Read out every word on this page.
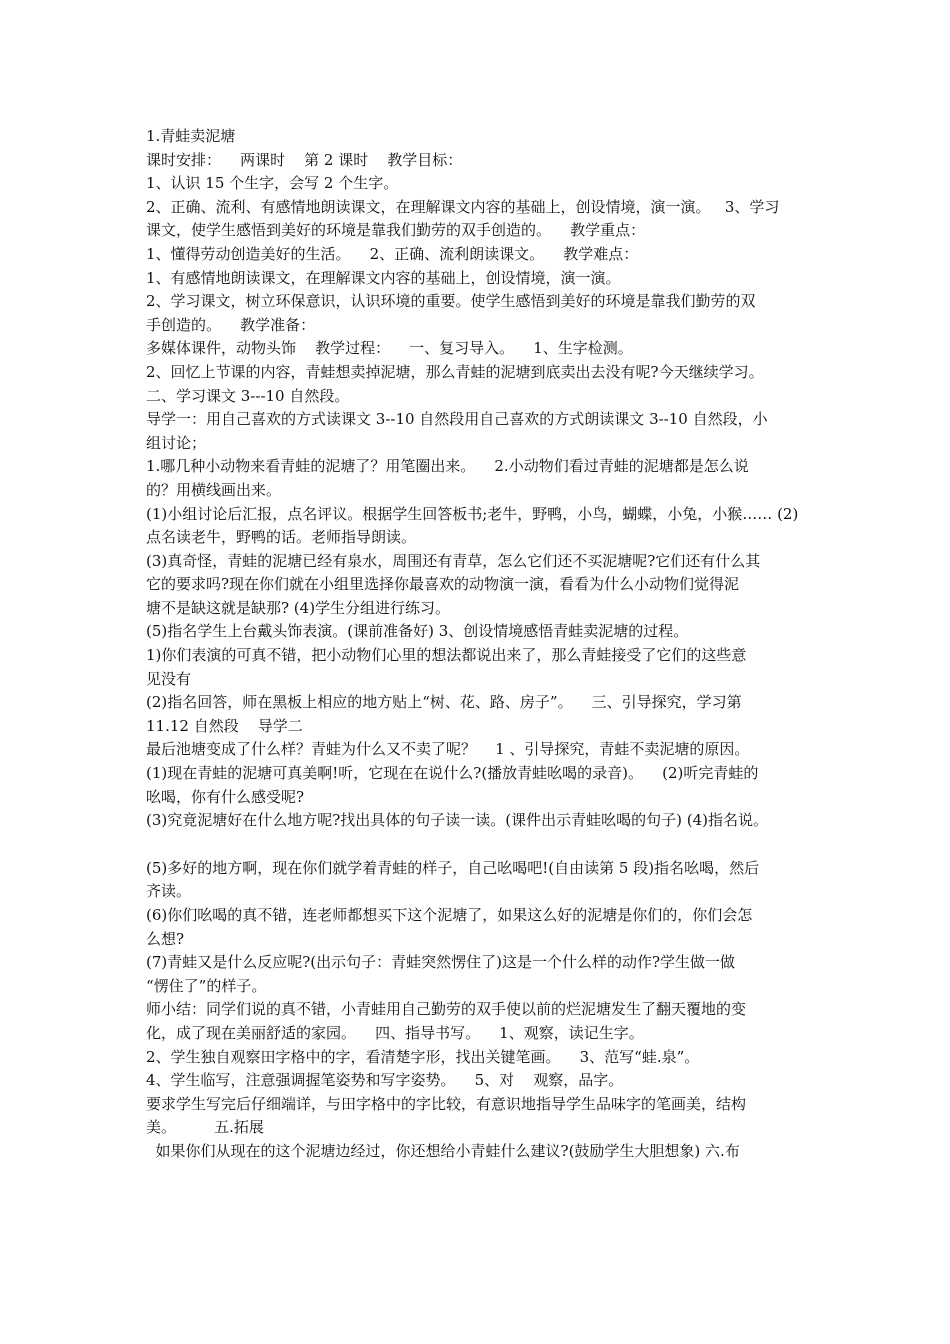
1.青蛙卖泥塘

课时安排：    两课时    第 2 课时    教学目标：

1、认识 15 个生字，会写 2 个生字。

2、正确、流利、有感情地朗读课文，在理解课文内容的基础上，创设情境，演一演。   3、学习

课文，使学生感悟到美好的环境是靠我们勤劳的双手创造的。    教学重点：

1、懂得劳动创造美好的生活。    2、正确、流利朗读课文。    教学难点：

1、有感情地朗读课文，在理解课文内容的基础上，创设情境，演一演。

2、学习课文，树立环保意识，认识环境的重要。使学生感悟到美好的环境是靠我们勤劳的双

手创造的。    教学准备：

多媒体课件，动物头饰    教学过程：    一、复习导入。    1、生字检测。

2、回忆上节课的内容，青蛙想卖掉泥塘，那么青蛙的泥塘到底卖出去没有呢?今天继续学习。

二、学习课文 3---10 自然段。

导学一：用自己喜欢的方式读课文 3--10 自然段用自己喜欢的方式朗读课文 3--10 自然段，小

组讨论；

1.哪几种小动物来看青蛙的泥塘了？用笔圈出来。    2.小动物们看过青蛙的泥塘都是怎么说

的？用横线画出来。

(1)小组讨论后汇报，点名评议。根据学生回答板书;老牛，野鸭，小鸟，蝴蝶，小兔，小猴…… (2)

点名读老牛，野鸭的话。老师指导朗读。

(3)真奇怪，青蛙的泥塘已经有泉水，周围还有青草，怎么它们还不买泥塘呢?它们还有什么其

它的要求吗?现在你们就在小组里选择你最喜欢的动物演一演，看看为什么小动物们觉得泥

塘不是缺这就是缺那? (4)学生分组进行练习。

(5)指名学生上台戴头饰表演。(课前准备好) 3、创设情境感悟青蛙卖泥塘的过程。

1)你们表演的可真不错，把小动物们心里的想法都说出来了，那么青蛙接受了它们的这些意

见没有

(2)指名回答，师在黑板上相应的地方贴上“树、花、路、房子”。    三、引导探究，学习第

11.12 自然段    导学二

最后池塘变成了什么样？青蛙为什么又不卖了呢？    1 、引导探究，青蛙不卖泥塘的原因。

(1)现在青蛙的泥塘可真美啊!听，它现在在说什么?(播放青蛙吆喝的录音)。    (2)听完青蛙的

吆喝，你有什么感受呢?

(3)究竟泥塘好在什么地方呢?找出具体的句子读一读。(课件出示青蛙吆喝的句子) (4)指名说。

(5)多好的地方啊，现在你们就学着青蛙的样子，自己吆喝吧!(自由读第 5 段)指名吆喝，然后

齐读。

(6)你们吆喝的真不错，连老师都想买下这个泥塘了，如果这么好的泥塘是你们的，你们会怎

么想?

(7)青蛙又是什么反应呢?(出示句子：青蛙突然愣住了)这是一个什么样的动作?学生做一做

“愣住了”的样子。

师小结：同学们说的真不错，小青蛙用自己勤劳的双手使以前的烂泥塘发生了翻天覆地的变

化，成了现在美丽舒适的家园。    四、指导书写。    1、观察，读记生字。

2、学生独自观察田字格中的字，看清楚字形，找出关键笔画。    3、范写“蛙.泉”。

4、学生临写，注意强调握笔姿势和写字姿势。    5、对    观察，品字。

要求学生写完后仔细端详，与田字格中的字比较，有意识地指导学生品味字的笔画美，结构

美。        五.拓展

如果你们从现在的这个泥塘边经过，你还想给小青蛙什么建议?(鼓励学生大胆想象) 六.布
